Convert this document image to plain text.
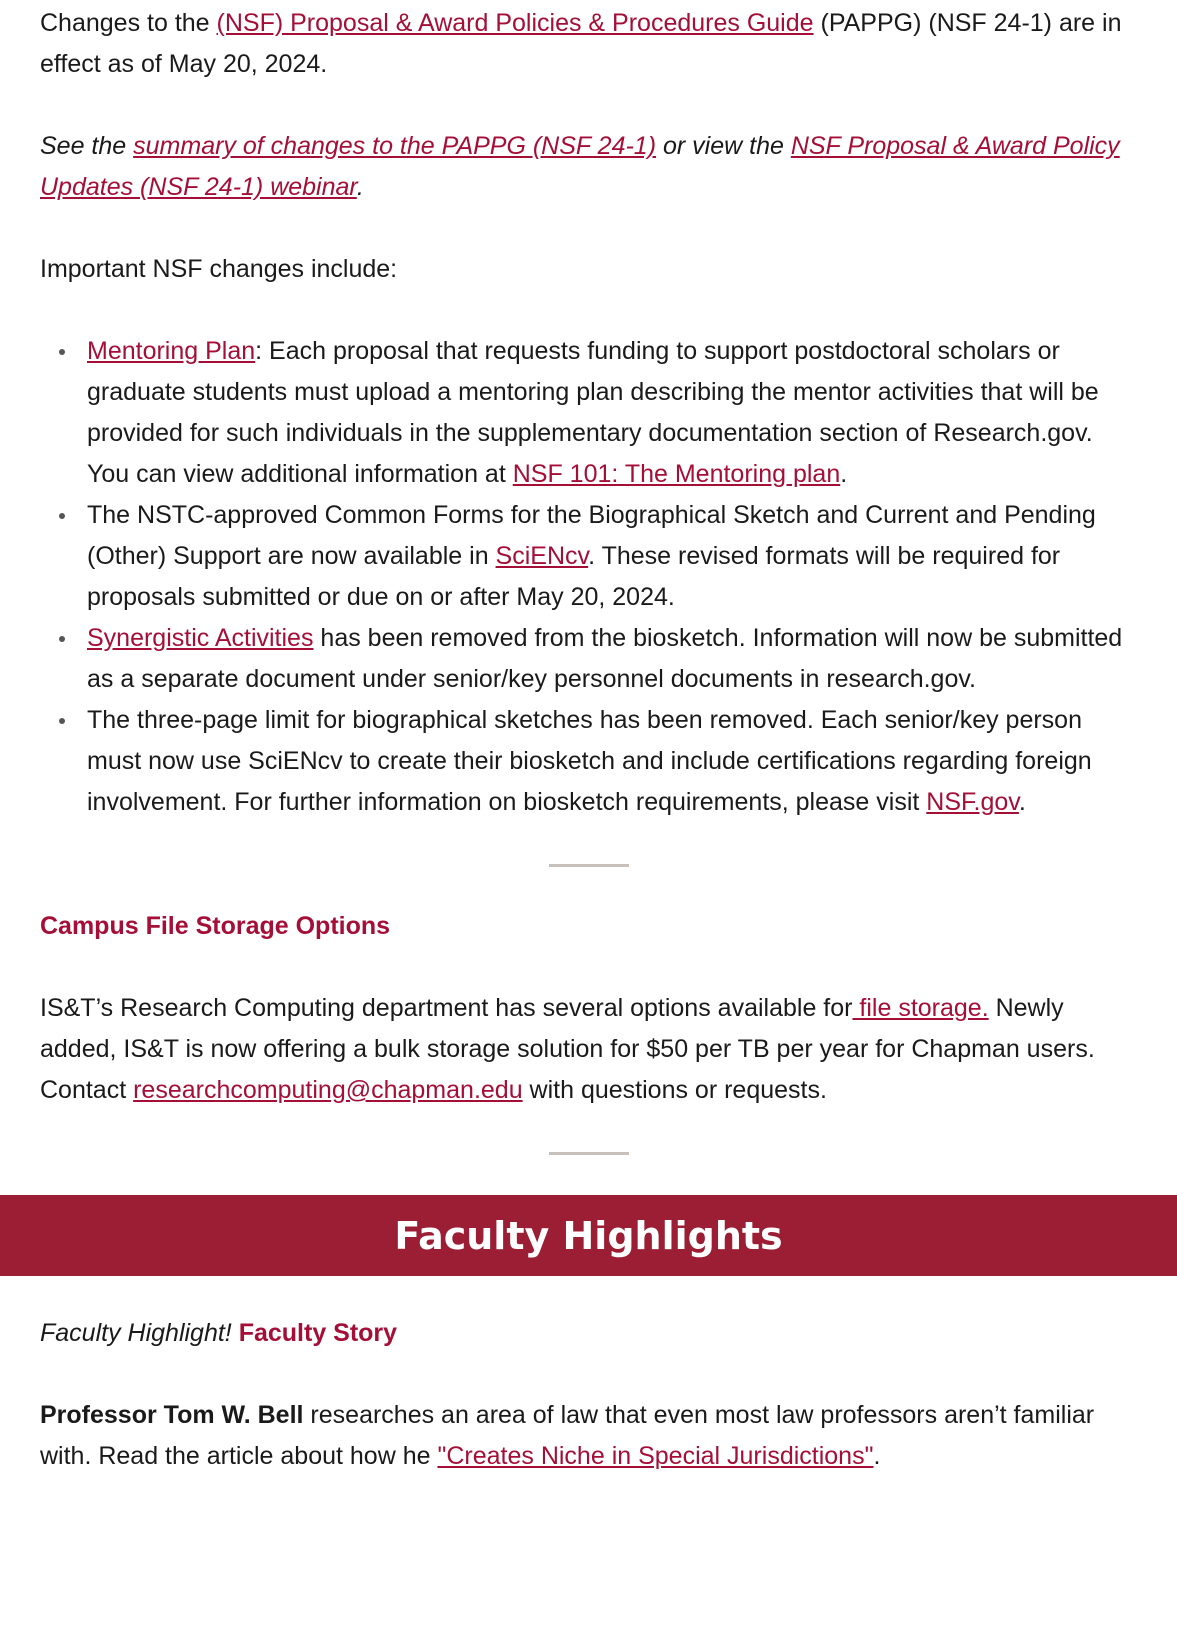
Changes to the (NSF) Proposal & Award Policies & Procedures Guide (PAPPG) (NSF 24-1) are in effect as of May 20, 2024.

See the summary of changes to the PAPPG (NSF 24-1) or view the NSF Proposal & Award Policy Updates (NSF 24-1) webinar.

Important NSF changes include:

Mentoring Plan: Each proposal that requests funding to support postdoctoral scholars or graduate students must upload a mentoring plan describing the mentor activities that will be provided for such individuals in the supplementary documentation section of Research.gov. You can view additional information at NSF 101: The Mentoring plan.
The NSTC-approved Common Forms for the Biographical Sketch and Current and Pending (Other) Support are now available in SciENcv. These revised formats will be required for proposals submitted or due on or after May 20, 2024.
Synergistic Activities has been removed from the biosketch. Information will now be submitted as a separate document under senior/key personnel documents in research.gov.
The three-page limit for biographical sketches has been removed. Each senior/key person must now use SciENcv to create their biosketch and include certifications regarding foreign involvement. For further information on biosketch requirements, please visit NSF.gov.
Campus File Storage Options

IS&T’s Research Computing department has several options available for file storage. Newly added, IS&T is now offering a bulk storage solution for $50 per TB per year for Chapman users. Contact researchcomputing@chapman.edu with questions or requests.

Faculty Highlights

Faculty Highlight! Faculty Story

Professor Tom W. Bell researches an area of law that even most law professors aren’t familiar with. Read the article about how he "Creates Niche in Special Jurisdictions".
